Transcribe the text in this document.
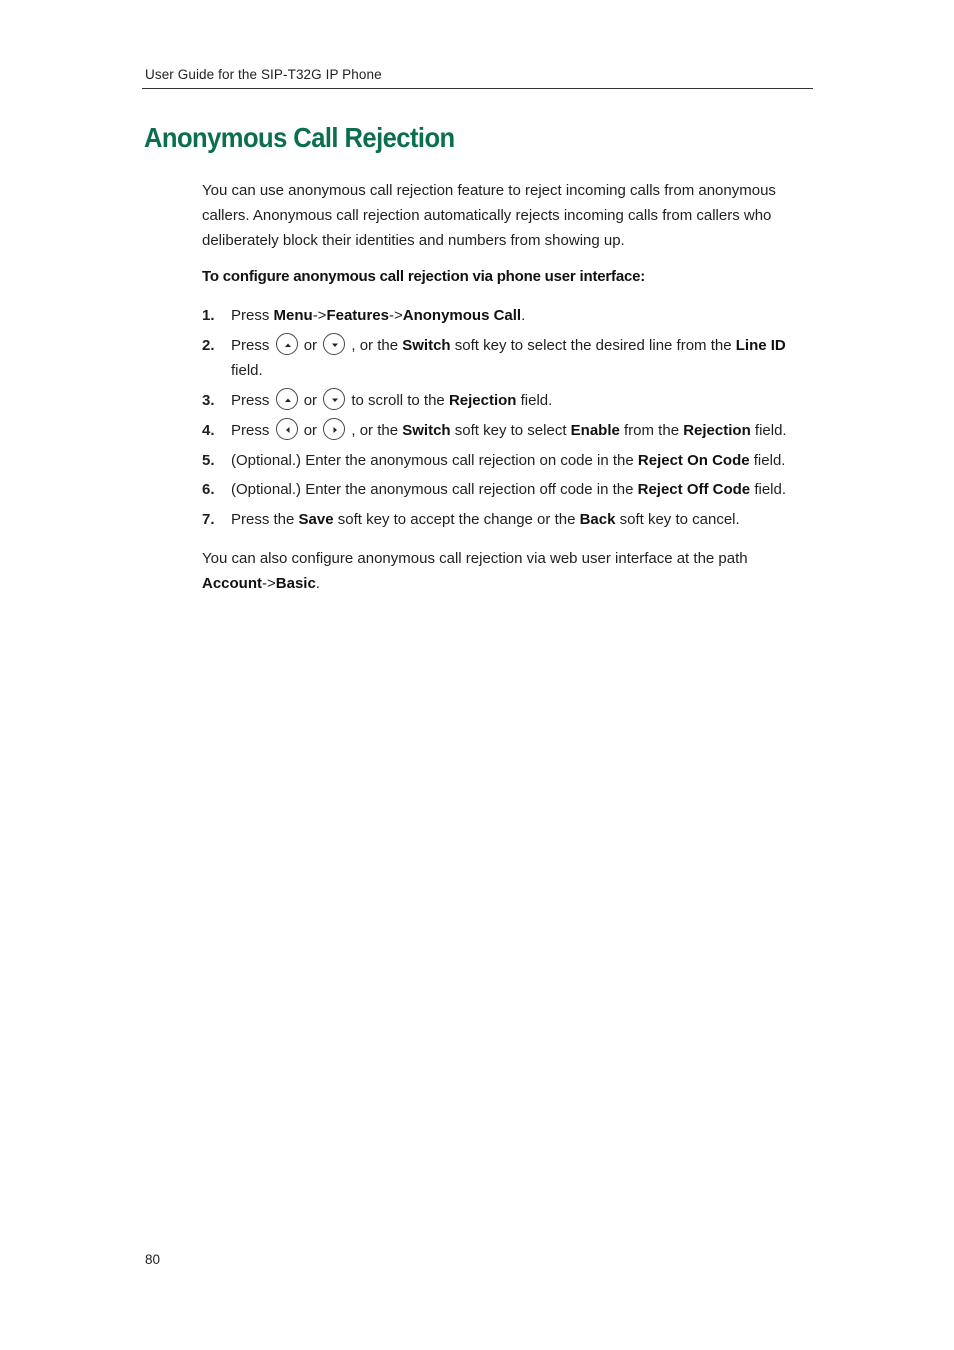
User Guide for the SIP-T32G IP Phone
Anonymous Call Rejection
You can use anonymous call rejection feature to reject incoming calls from anonymous callers. Anonymous call rejection automatically rejects incoming calls from callers who deliberately block their identities and numbers from showing up.
To configure anonymous call rejection via phone user interface:
1. Press Menu->Features->Anonymous Call.
2. Press or , or the Switch soft key to select the desired line from the Line ID
field.
3. Press or to scroll to the Rejection field.
4. Press or , or the Switch soft key to select Enable from the Rejection field.
5. (Optional.) Enter the anonymous call rejection on code in the Reject On Code field.
6. (Optional.) Enter the anonymous call rejection off code in the Reject Off Code field.
7. Press the Save soft key to accept the change or the Back soft key to cancel.
You can also configure anonymous call rejection via web user interface at the path
Account->Basic.
80
